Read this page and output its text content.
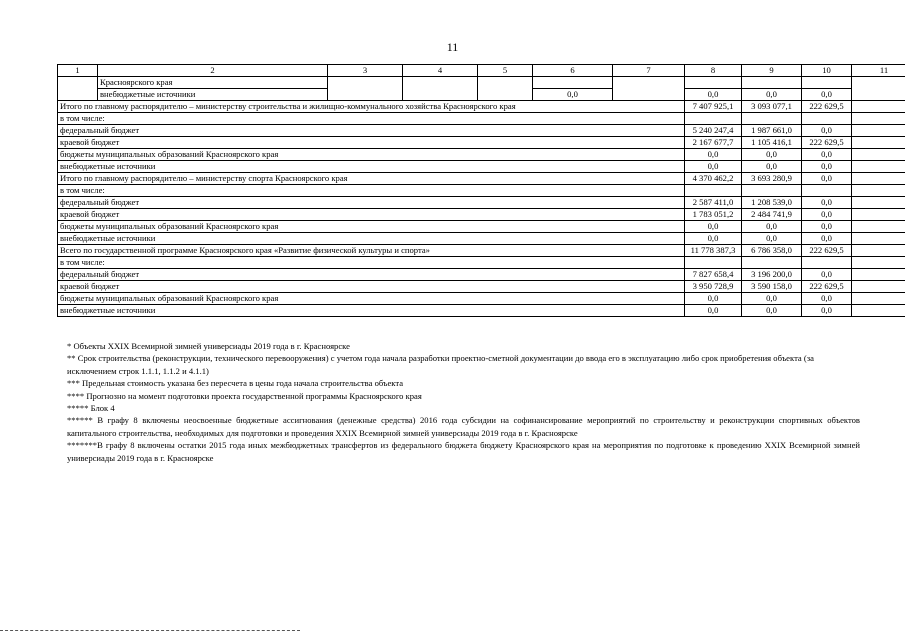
11
1	2	3	4	5	6	7	8	9	10	11
	Красноярского края									
	внебюджетные источники				0,0		0,0	0,0	0,0	
Итого по главному распорядителю – министерству строительства и жилищно-коммунального хозяйства Красноярского края							7 407 925,1	3 093 077,1	222 629,5	
в том числе:										
федеральный бюджет							5 240 247,4	1 987 661,0	0,0	
краевой бюджет							2 167 677,7	1 105 416,1	222 629,5	
бюджеты муниципальных образований Красноярского края							0,0	0,0	0,0	
внебюджетные источники							0,0	0,0	0,0	
Итого по главному распорядителю – министерству спорта Красноярского края							4 370 462,2	3 693 280,9	0,0	
в том числе:										
федеральный бюджет							2 587 411,0	1 208 539,0	0,0	
краевой бюджет							1 783 051,2	2 484 741,9	0,0	
бюджеты муниципальных образований Красноярского края							0,0	0,0	0,0	
внебюджетные источники							0,0	0,0	0,0	
Всего по государственной программе Красноярского края «Развитие физической культуры и спорта»							11 778 387,3	6 786 358,0	222 629,5	
в том числе:										
федеральный бюджет							7 827 658,4	3 196 200,0	0,0	
краевой бюджет							3 950 728,9	3 590 158,0	222 629,5	
бюджеты муниципальных образований Красноярского края							0,0	0,0	0,0	
внебюджетные источники							0,0	0,0	0,0	

* Объекты XXIX Всемирной зимней универсиады 2019 года в г. Красноярске

** Срок строительства (реконструкции, технического перевооружения) с учетом года начала разработки проектно-сметной документации до ввода его в эксплуатацию либо срок приобретения объекта (за исключением строк 1.1.1, 1.1.2 и 4.1.1)

*** Предельная стоимость указана без пересчета в цены года начала строительства объекта

**** Прогнозно на момент подготовки проекта государственной программы Красноярского края

***** Блок 4

****** В графу 8 включены неосвоенные бюджетные ассигнования (денежные средства) 2016 года субсидии на софинансирование мероприятий по строительству и реконструкции спортивных объектов капитального строительства, необходимых для подготовки и проведения XXIX Всемирной зимней универсиады 2019 года в г. Красноярске

*******В графу 8 включены остатки 2015 года иных межбюджетных трансфертов из федерального бюджета бюджету Красноярского края на мероприятия по подготовке к проведению XXIX Всемирной зимней универсиады 2019 года в г. Красноярске
